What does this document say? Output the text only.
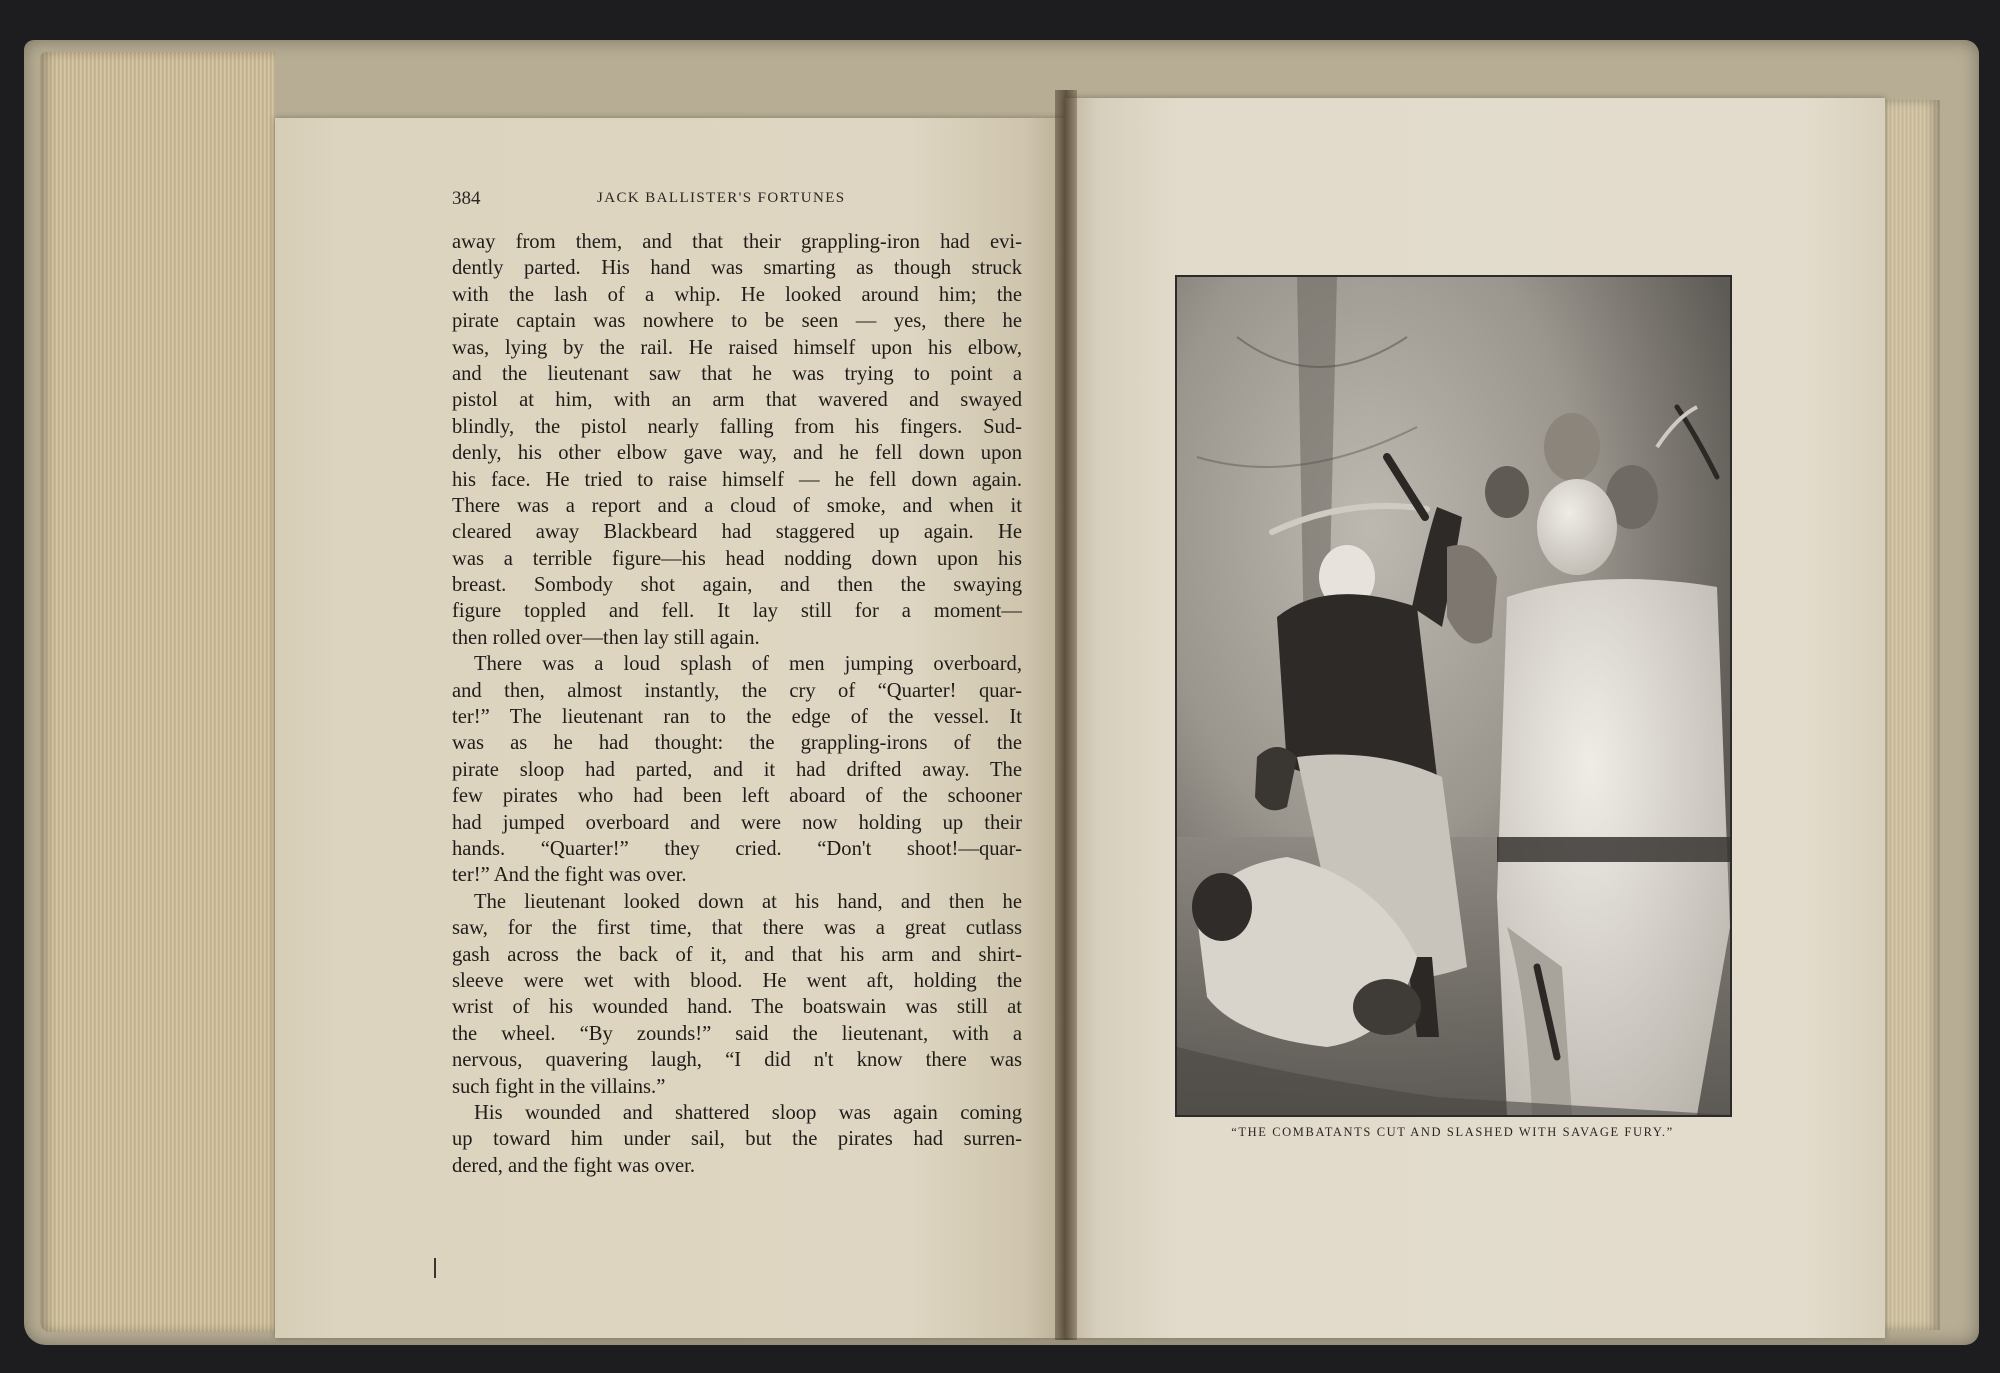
384	JACK BALLISTER'S FORTUNES
away from them, and that their grappling-iron had evi-
dently parted. His hand was smarting as though struck
with the lash of a whip. He looked around him; the
pirate captain was nowhere to be seen — yes, there he
was, lying by the rail. He raised himself upon his elbow,
and the lieutenant saw that he was trying to point a
pistol at him, with an arm that wavered and swayed
blindly, the pistol nearly falling from his fingers. Sud-
denly, his other elbow gave way, and he fell down upon
his face. He tried to raise himself — he fell down again.
There was a report and a cloud of smoke, and when it
cleared away Blackbeard had staggered up again. He
was a terrible figure—his head nodding down upon his
breast. Sombody shot again, and then the swaying
figure toppled and fell. It lay still for a moment—
then rolled over—then lay still again.
There was a loud splash of men jumping overboard,
and then, almost instantly, the cry of “Quarter! quar-
ter!” The lieutenant ran to the edge of the vessel. It
was as he had thought: the grappling-irons of the
pirate sloop had parted, and it had drifted away. The
few pirates who had been left aboard of the schooner
had jumped overboard and were now holding up their
hands. “Quarter!” they cried. “Don't shoot!—quar-
ter!” And the fight was over.
The lieutenant looked down at his hand, and then he
saw, for the first time, that there was a great cutlass
gash across the back of it, and that his arm and shirt-
sleeve were wet with blood. He went aft, holding the
wrist of his wounded hand. The boatswain was still at
the wheel. “By zounds!” said the lieutenant, with a
nervous, quavering laugh, “I did n't know there was
such fight in the villains.”
His wounded and shattered sloop was again coming
up toward him under sail, but the pirates had surren-
dered, and the fight was over.
“THE COMBATANTS CUT AND SLASHED WITH SAVAGE FURY.”
